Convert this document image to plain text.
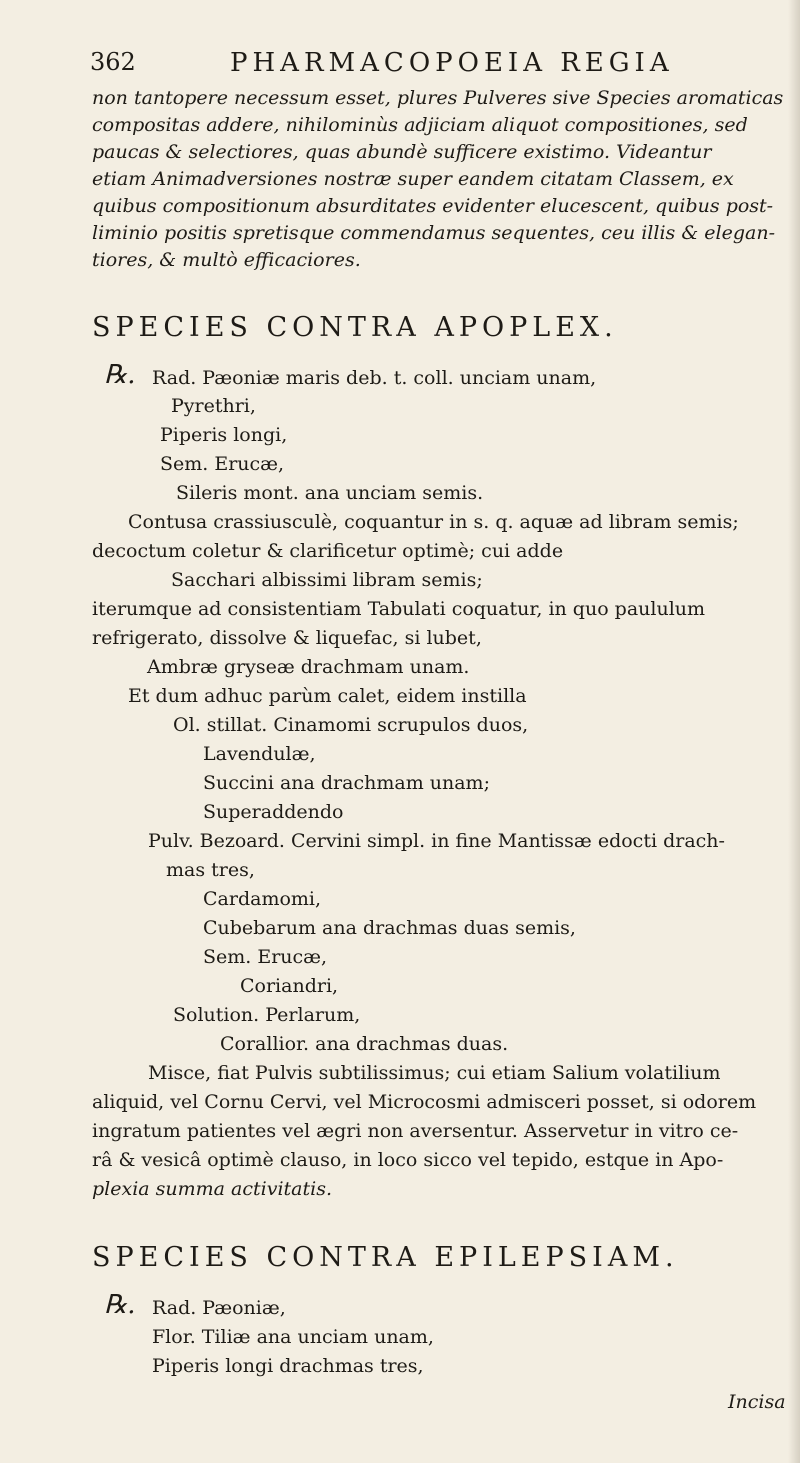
362	PHARMACOPOEIA REGIA
non tantopere necessum esset, plures Pulveres sive Species aromaticas
compositas addere, nihilominùs adjiciam aliquot compositiones, sed
paucas & selectiores, quas abundè sufficere existimo. Videantur
etiam Animadversiones nostræ super eandem citatam Classem, ex
quibus compositionum absurditates evidenter elucescent, quibus post-
liminio positis spretisque commendamus sequentes, ceu illis & elegan-
tiores, & multò efficaciores.
SPECIES CONTRA APOPLEX.
℞. Rad. Pæoniæ maris deb. t. coll. unciam unam,
Pyrethri,
Piperis longi,
Sem. Erucæ,
Sileris mont. ana unciam semis.
Contusa crassiusculè, coquantur in s. q. aquæ ad libram semis;
decoctum coletur & clarificetur optimè; cui adde
Sacchari albissimi libram semis;
iterumque ad consistentiam Tabulati coquatur, in quo paululum
refrigerato, dissolve & liquefac, si lubet,
Ambræ gryseæ drachmam unam.
Et dum adhuc parùm calet, eidem instilla
Ol. stillat. Cinamomi scrupulos duos,
Lavendulæ,
Succini ana drachmam unam;
Superaddendo
Pulv. Bezoard. Cervini simpl. in fine Mantissæ edocti drach-
mas tres,
Cardamomi,
Cubebarum ana drachmas duas semis,
Sem. Erucæ,
Coriandri,
Solution. Perlarum,
Corallior. ana drachmas duas.
Misce, fiat Pulvis subtilissimus; cui etiam Salium volatilium
aliquid, vel Cornu Cervi, vel Microcosmi admisceri posset, si odorem
ingratum patientes vel ægri non aversentur. Asservetur in vitro ce-
râ & vesicâ optimè clauso, in loco sicco vel tepido, estque in Apo-
plexia summa activitatis.
SPECIES CONTRA EPILEPSIAM.
℞. Rad. Pæoniæ,
Flor. Tiliæ ana unciam unam,
Piperis longi drachmas tres,
Incisa
